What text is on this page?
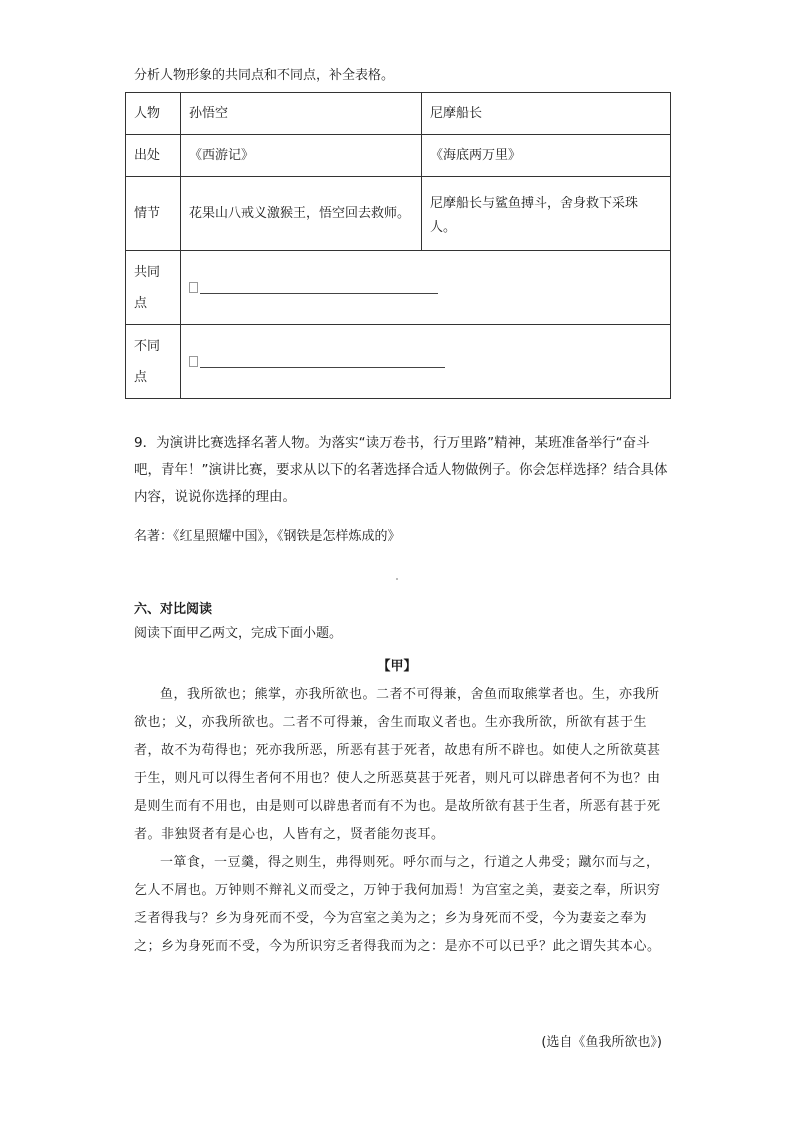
分析人物形象的共同点和不同点，补全表格。
人物	孙悟空	尼摩船长
出处	《西游记》	《海底两万里》
情节	花果山八戒义激猴王，悟空回去救师。	尼摩船长与鲨鱼搏斗，舍身救下采珠人。
共同点		

不同点		

9．为演讲比赛选择名著人物。为落实“读万卷书，行万里路”精神，某班准备举行“奋斗吧，青年！”演讲比赛，要求从以下的名著选择合适人物做例子。你会怎样选择？结合具体内容，说说你选择的理由。

名著：《红星照耀中国》，《钢铁是怎样炼成的》
六、对比阅读
阅读下面甲乙两文，完成下面小题。
【甲】

鱼，我所欲也；熊掌，亦我所欲也。二者不可得兼，舍鱼而取熊掌者也。生，亦我所欲也；义，亦我所欲也。二者不可得兼，舍生而取义者也。生亦我所欲，所欲有甚于生者，故不为苟得也；死亦我所恶，所恶有甚于死者，故患有所不辟也。如使人之所欲莫甚于生，则凡可以得生者何不用也？使人之所恶莫甚于死者，则凡可以辟患者何不为也？由是则生而有不用也，由是则可以辟患者而有不为也。是故所欲有甚于生者，所恶有甚于死者。非独贤者有是心也，人皆有之，贤者能勿丧耳。

一箪食，一豆羹，得之则生，弗得则死。呼尔而与之，行道之人弗受；蹴尔而与之，乞人不屑也。万钟则不辩礼义而受之，万钟于我何加焉！为宫室之美，妻妾之奉，所识穷乏者得我与？乡为身死而不受，今为宫室之美为之；乡为身死而不受，今为妻妾之奉为之；乡为身死而不受，今为所识穷乏者得我而为之：是亦不可以已乎？此之谓失其本心。

(选自《鱼我所欲也》)
